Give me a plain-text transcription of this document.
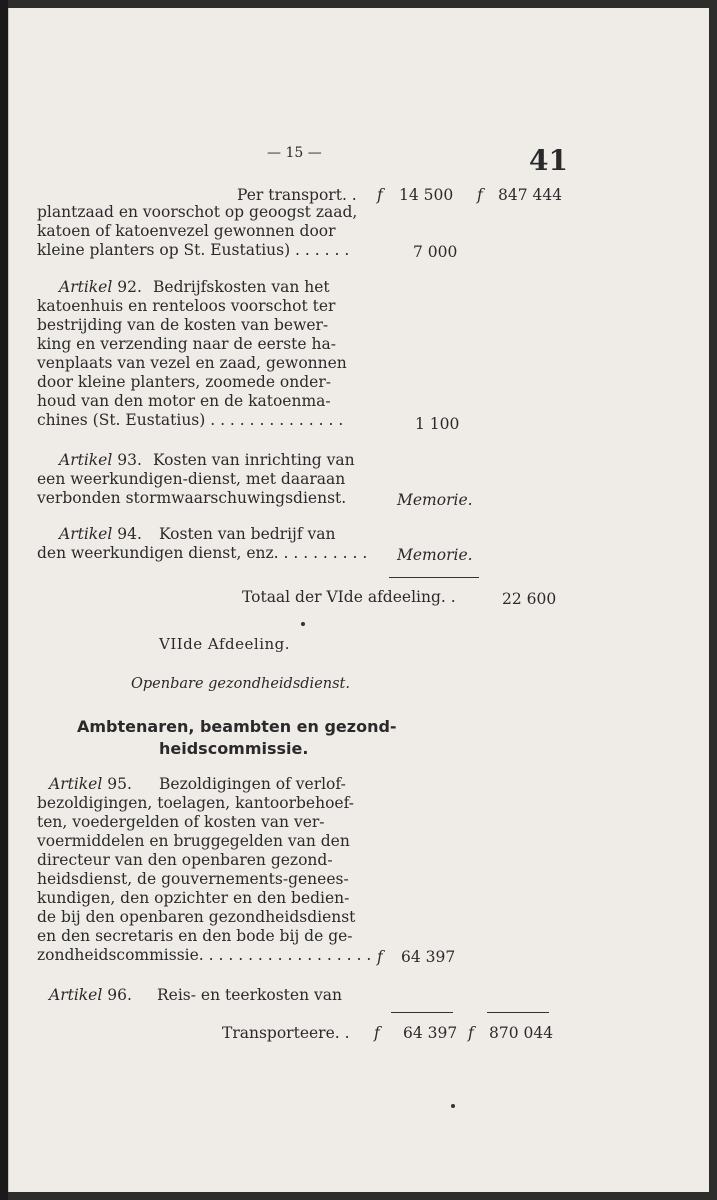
— 15 —	41
Per transport. . f 14 500 f 847 444
plantzaad en voorschot op geoogst zaad,
katoen of katoenvezel gewonnen door
kleine planters op St. Eustatius) . . . . . .	7 000
Artikel 92. Bedrijfskosten van het
katoenhuis en renteloos voorschot ter
bestrijding van de kosten van bewer-
king en verzending naar de eerste ha-
venplaats van vezel en zaad, gewonnen
door kleine planters, zoomede onder-
houd van den motor en de katoenma-
chines (St. Eustatius) . . . . . . . . . . . . . .	1 100
Artikel 93. Kosten van inrichting van
een weerkundigen-dienst, met daaraan
verbonden stormwaarschuwingsdienst.	Memorie.
Artikel 94. Kosten van bedrijf van
den weerkundigen dienst, enz. . . . . . . . . . Memorie.
Totaal der VIde afdeeling. .	22 600
VIIde Afdeeling.
Openbare gezondheidsdienst.
Ambtenaren, beambten en gezond-
heidscommissie.
Artikel 95. Bezoldigingen of verlof-
bezoldigingen, toelagen, kantoorbehoef-
ten, voedergelden of kosten van ver-
voermiddelen en bruggegelden van den
directeur van den openbaren gezond-
heidsdienst, de gouvernements-genees-
kundigen, den opzichter en den bedien-
de bij den openbaren gezondheidsdienst
en den secretaris en den bode bij de ge-
zondheidscommissie. . . . . . . . . . . . . . . . . . f 64 397
Artikel 96. Reis- en teerkosten van
Transporteere. . f 64 397 f 870 044
